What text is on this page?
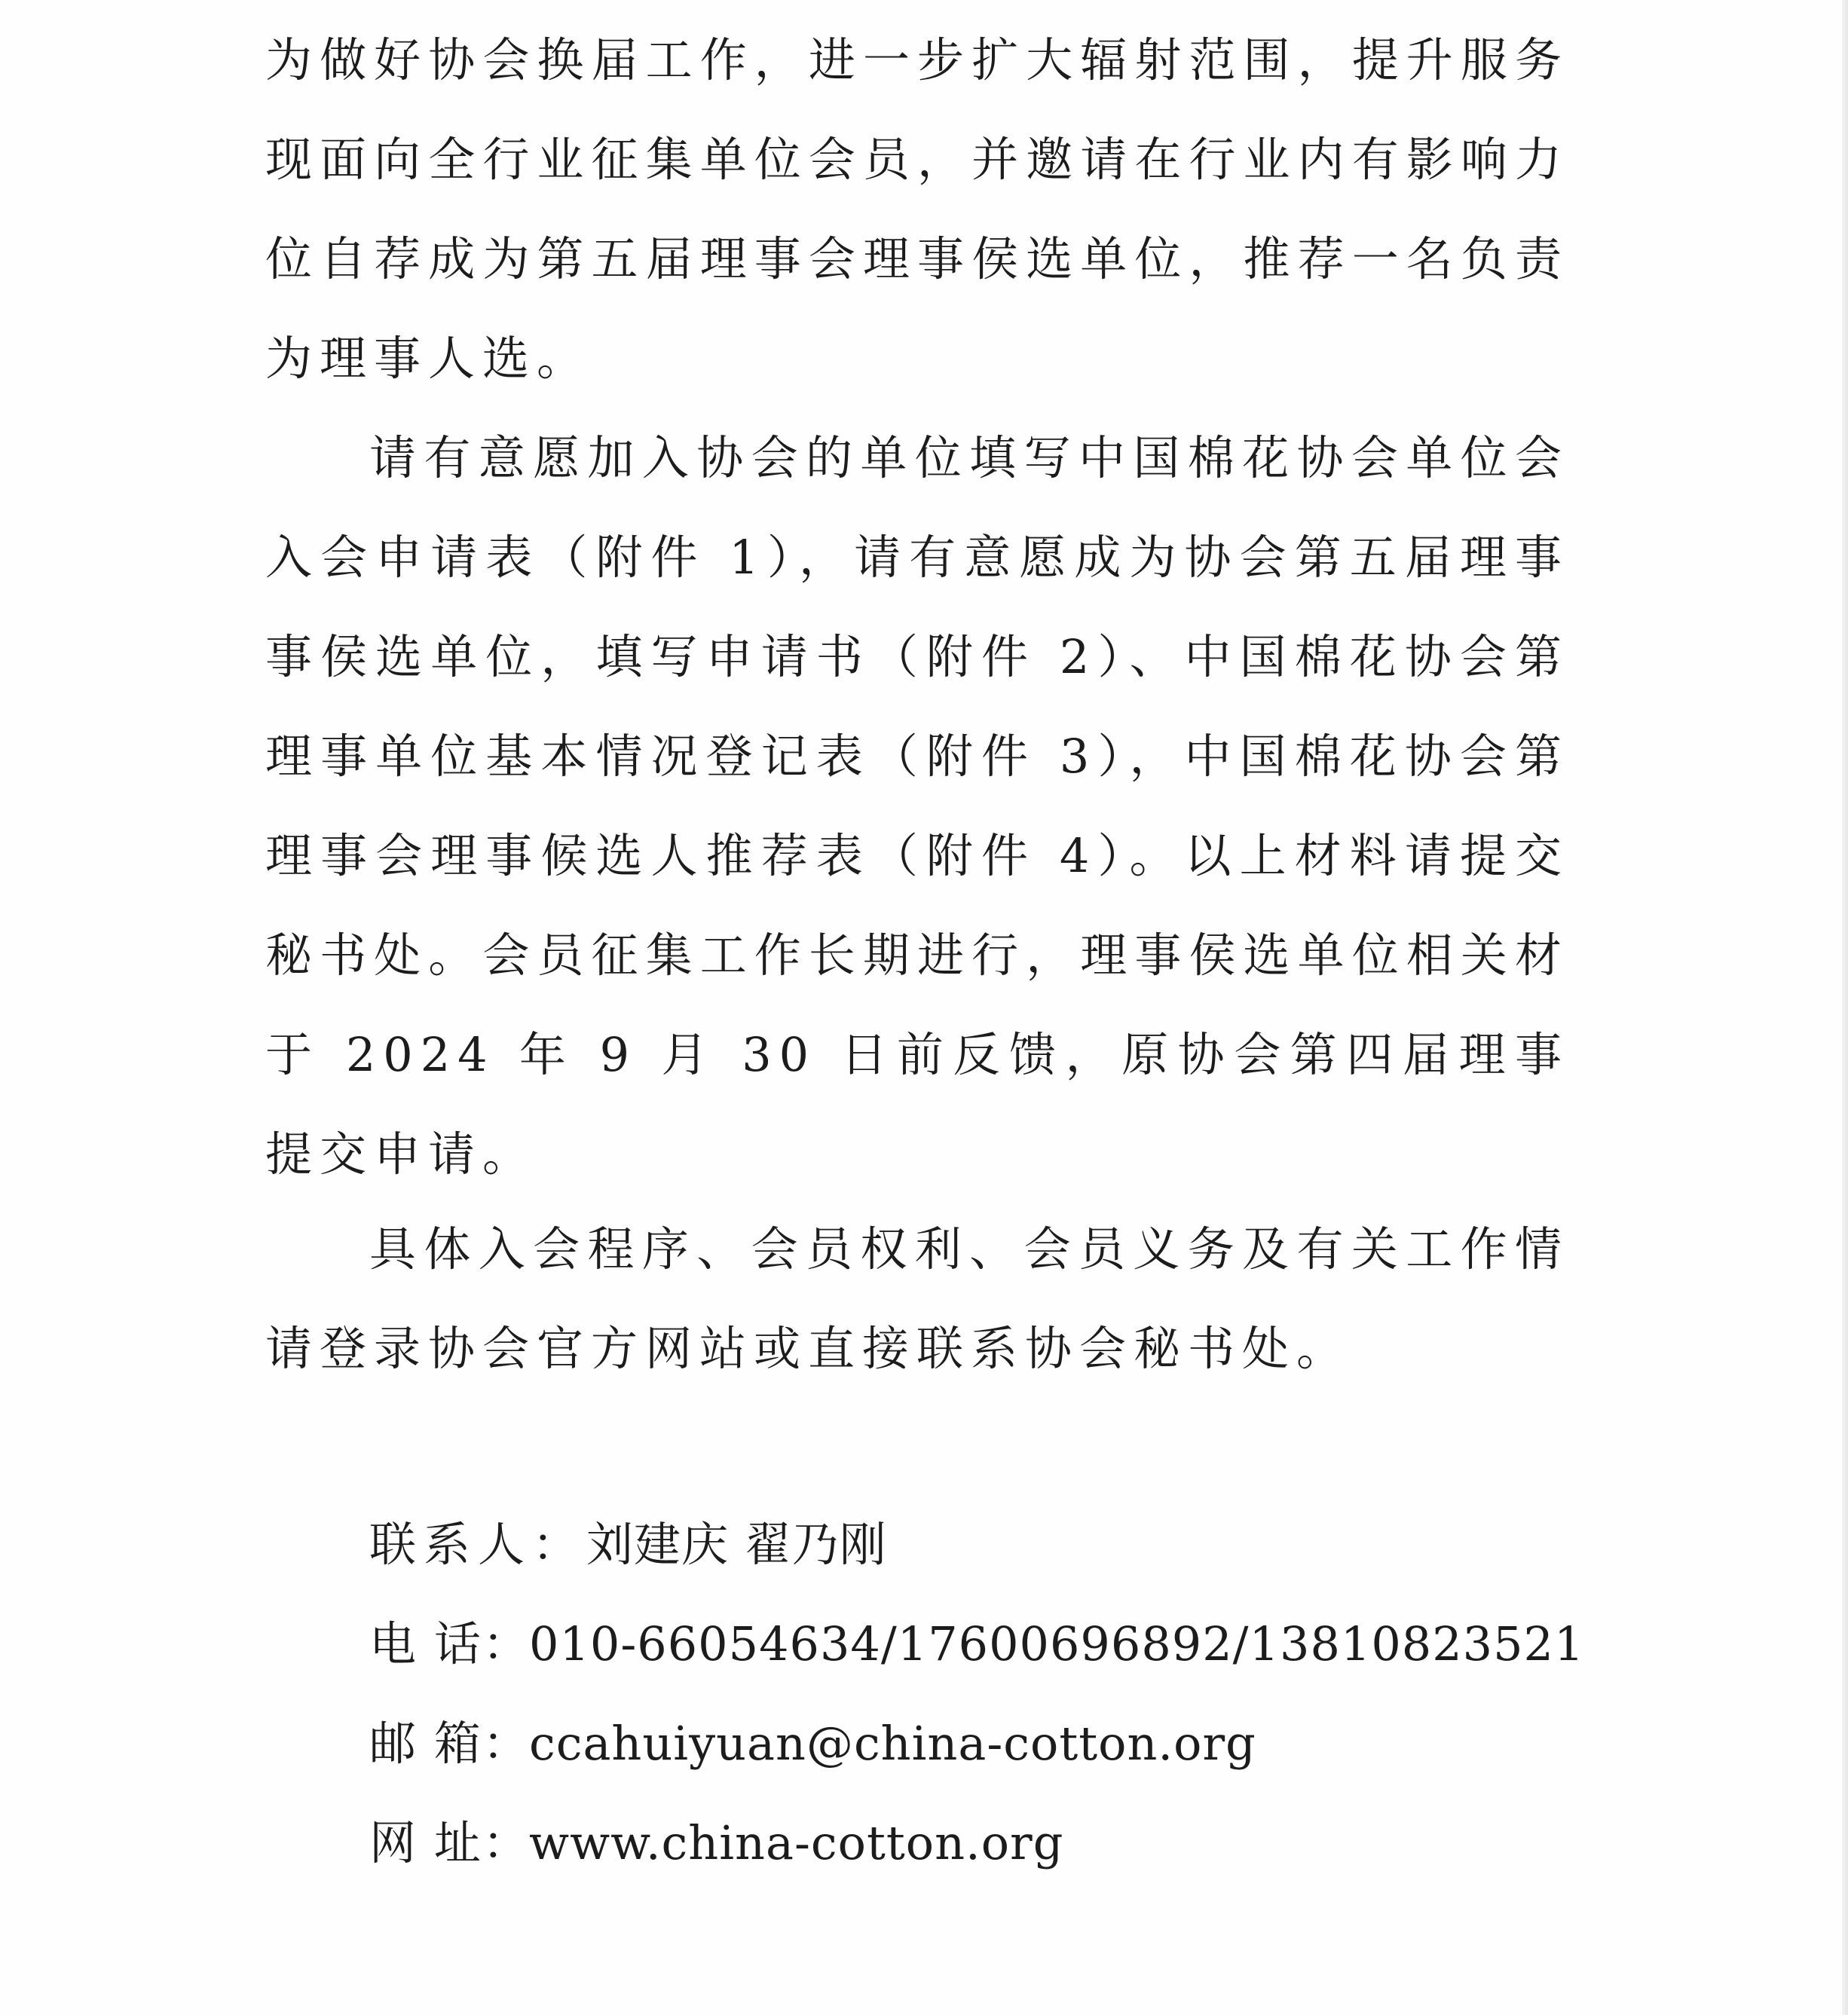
为做好协会换届工作，进一步扩大辐射范围，提升服务
现面向全行业征集单位会员，并邀请在行业内有影响力
位自荐成为第五届理事会理事侯选单位，推荐一名负责
为理事人选。
请有意愿加入协会的单位填写中国棉花协会单位会
入会申请表（附件 1），请有意愿成为协会第五届理事
事侯选单位，填写申请书（附件 2）、中国棉花协会第
理事单位基本情况登记表（附件 3），中国棉花协会第
理事会理事候选人推荐表（附件 4）。以上材料请提交
秘书处。会员征集工作长期进行，理事侯选单位相关材
于 2024 年 9 月 30 日前反馈，原协会第四届理事
提交申请。
具体入会程序、会员权利、会员义务及有关工作情
请登录协会官方网站或直接联系协会秘书处。
联系人：刘建庆 翟乃刚
电 话：010-66054634/17600696892/13810823521
邮 箱：ccahuiyuan@china-cotton.org
网 址：www.china-cotton.org
